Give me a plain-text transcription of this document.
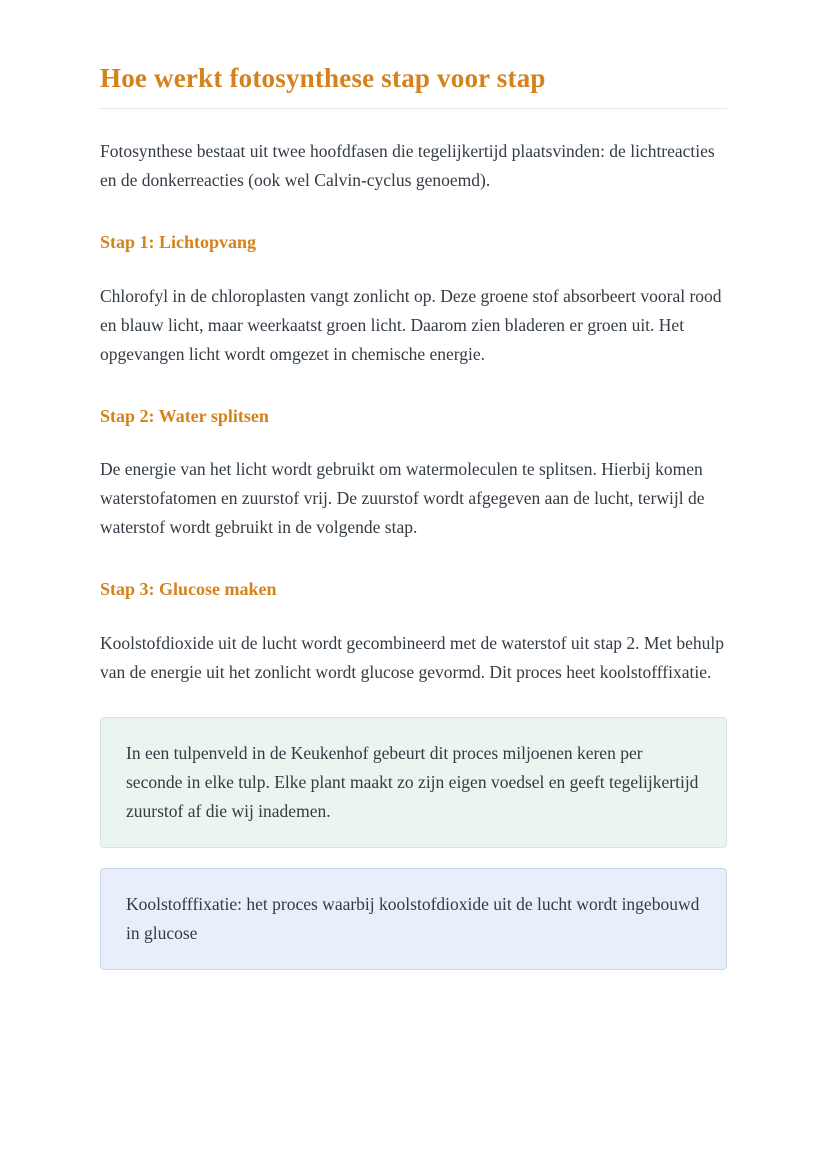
Hoe werkt fotosynthese stap voor stap

Fotosynthese bestaat uit twee hoofdfasen die tegelijkertijd plaatsvinden: de lichtreacties en de donkerreacties (ook wel Calvin-cyclus genoemd).

Stap 1: Lichtopvang

Chlorofyl in de chloroplasten vangt zonlicht op. Deze groene stof absorbeert vooral rood en blauw licht, maar weerkaatst groen licht. Daarom zien bladeren er groen uit. Het opgevangen licht wordt omgezet in chemische energie.

Stap 2: Water splitsen

De energie van het licht wordt gebruikt om watermoleculen te splitsen. Hierbij komen waterstofatomen en zuurstof vrij. De zuurstof wordt afgegeven aan de lucht, terwijl de waterstof wordt gebruikt in de volgende stap.

Stap 3: Glucose maken

Koolstofdioxide uit de lucht wordt gecombineerd met de waterstof uit stap 2. Met behulp van de energie uit het zonlicht wordt glucose gevormd. Dit proces heet koolstofffixatie.

In een tulpenveld in de Keukenhof gebeurt dit proces miljoenen keren per seconde in elke tulp. Elke plant maakt zo zijn eigen voedsel en geeft tegelijkertijd zuurstof af die wij inademen.

Koolstofffixatie: het proces waarbij koolstofdioxide uit de lucht wordt ingebouwd in glucose
